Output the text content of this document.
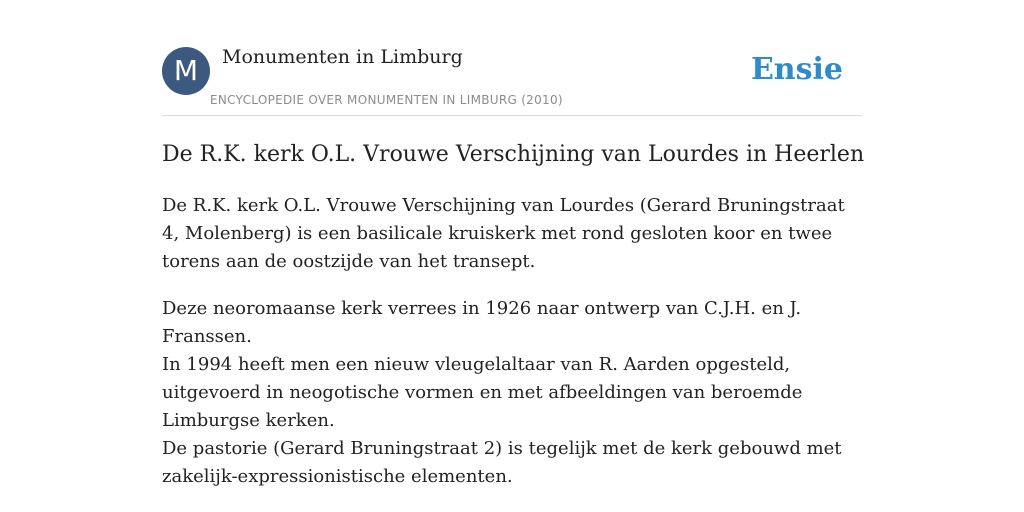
M	Monumenten in Limburg
ENCYCLOPEDIE OVER MONUMENTEN IN LIMBURG (2010)
Ensie
De R.K. kerk O.L. Vrouwe Verschijning van Lourdes in Heerlen

De R.K. kerk O.L. Vrouwe Verschijning van Lourdes (Gerard Bruningstraat 4, Molenberg) is een basilicale kruiskerk met rond gesloten koor en twee torens aan de oostzijde van het transept.

Deze neoromaanse kerk verrees in 1926 naar ontwerp van C.J.H. en J. Franssen.

In 1994 heeft men een nieuw vleugelaltaar van R. Aarden opgesteld, uitgevoerd in neogotische vormen en met afbeeldingen van beroemde Limburgse kerken.

De pastorie (Gerard Bruningstraat 2) is tegelijk met de kerk gebouwd met zakelijk-expressionistische elementen.
